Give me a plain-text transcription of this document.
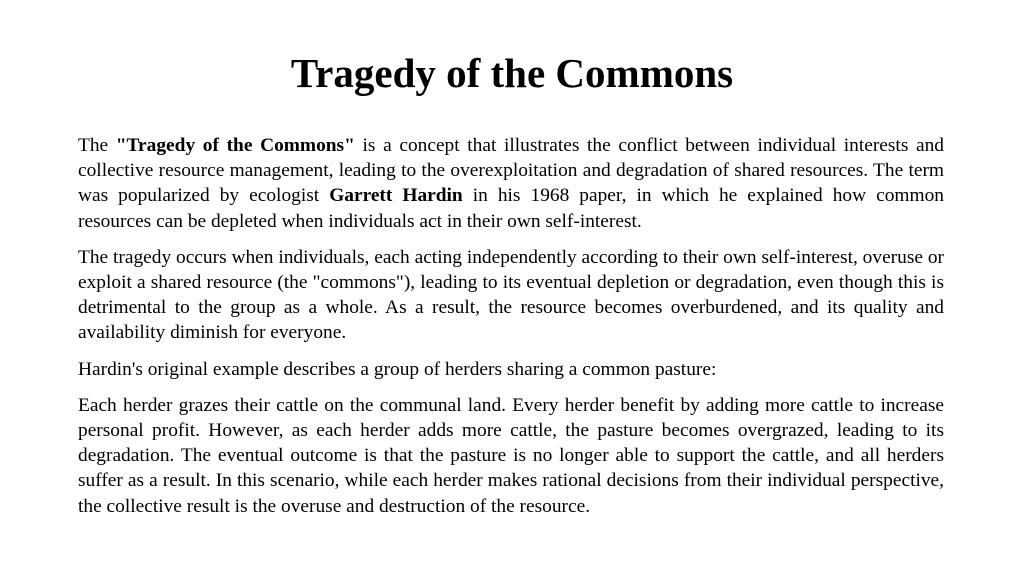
Tragedy of the Commons

The "Tragedy of the Commons" is a concept that illustrates the conflict between individual interests and collective resource management, leading to the overexploitation and degradation of shared resources. The term was popularized by ecologist Garrett Hardin in his 1968 paper, in which he explained how common resources can be depleted when individuals act in their own self-interest.

The tragedy occurs when individuals, each acting independently according to their own self-interest, overuse or exploit a shared resource (the "commons"), leading to its eventual depletion or degradation, even though this is detrimental to the group as a whole. As a result, the resource becomes overburdened, and its quality and availability diminish for everyone.

Hardin's original example describes a group of herders sharing a common pasture:

Each herder grazes their cattle on the communal land. Every herder benefit by adding more cattle to increase personal profit. However, as each herder adds more cattle, the pasture becomes overgrazed, leading to its degradation. The eventual outcome is that the pasture is no longer able to support the cattle, and all herders suffer as a result. In this scenario, while each herder makes rational decisions from their individual perspective, the collective result is the overuse and destruction of the resource.
